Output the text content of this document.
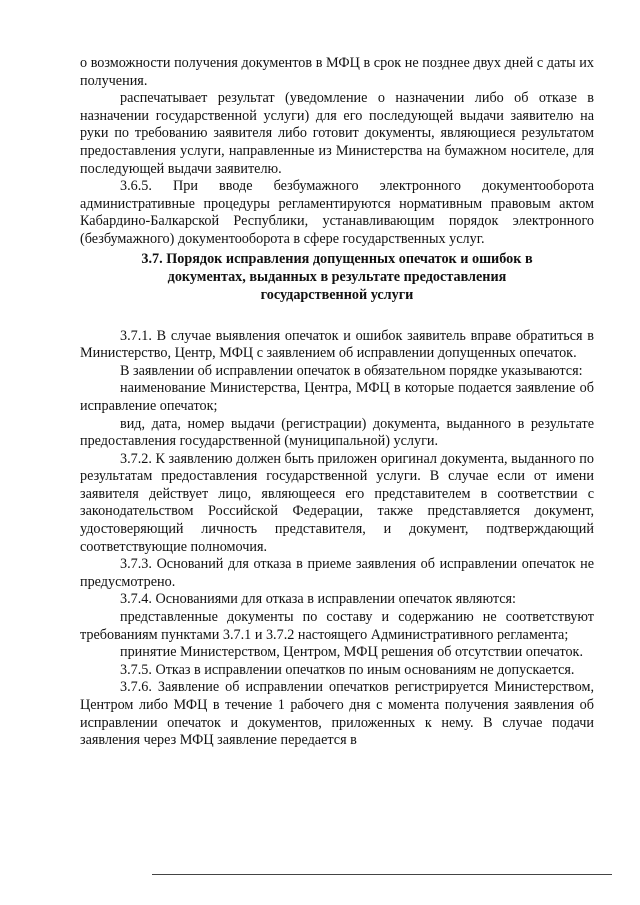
о возможности получения документов в МФЦ в срок не позднее двух дней с даты их получения.

распечатывает результат (уведомление о назначении либо об отказе в назначении государственной услуги) для его последующей выдачи заявителю на руки по требованию заявителя либо готовит документы, являющиеся результатом предоставления услуги, направленные из Министерства на бумажном носителе, для последующей выдачи заявителю.

3.6.5. При вводе безбумажного электронного документооборота административные процедуры регламентируются нормативным правовым актом Кабардино-Балкарской Республики, устанавливающим порядок электронного (безбумажного) документооборота в сфере государственных услуг.

3.7. Порядок исправления допущенных опечаток и ошибок в документах, выданных в результате предоставления государственной услуги

3.7.1. В случае выявления опечаток и ошибок заявитель вправе обратиться в Министерство, Центр, МФЦ с заявлением об исправлении допущенных опечаток.

В заявлении об исправлении опечаток в обязательном порядке указываются:

наименование Министерства, Центра, МФЦ в которые подается заявление об исправление опечаток;

вид, дата, номер выдачи (регистрации) документа, выданного в результате предоставления государственной (муниципальной) услуги.

3.7.2. К заявлению должен быть приложен оригинал документа, выданного по результатам предоставления государственной услуги. В случае если от имени заявителя действует лицо, являющееся его представителем в соответствии с законодательством Российской Федерации, также представляется документ, удостоверяющий личность представителя, и документ, подтверждающий соответствующие полномочия.

3.7.3. Оснований для отказа в приеме заявления об исправлении опечаток не предусмотрено.

3.7.4. Основаниями для отказа в исправлении опечаток являются:

представленные документы по составу и содержанию не соответствуют требованиям пунктами 3.7.1 и 3.7.2 настоящего Административного регламента;

принятие Министерством, Центром, МФЦ решения об отсутствии опечаток.

3.7.5. Отказ в исправлении опечатков по иным основаниям не допускается.

3.7.6. Заявление об исправлении опечатков регистрируется Министерством, Центром либо МФЦ в течение 1 рабочего дня с момента получения заявления об исправлении опечаток и документов, приложенных к нему. В случае подачи заявления через МФЦ заявление передается в
